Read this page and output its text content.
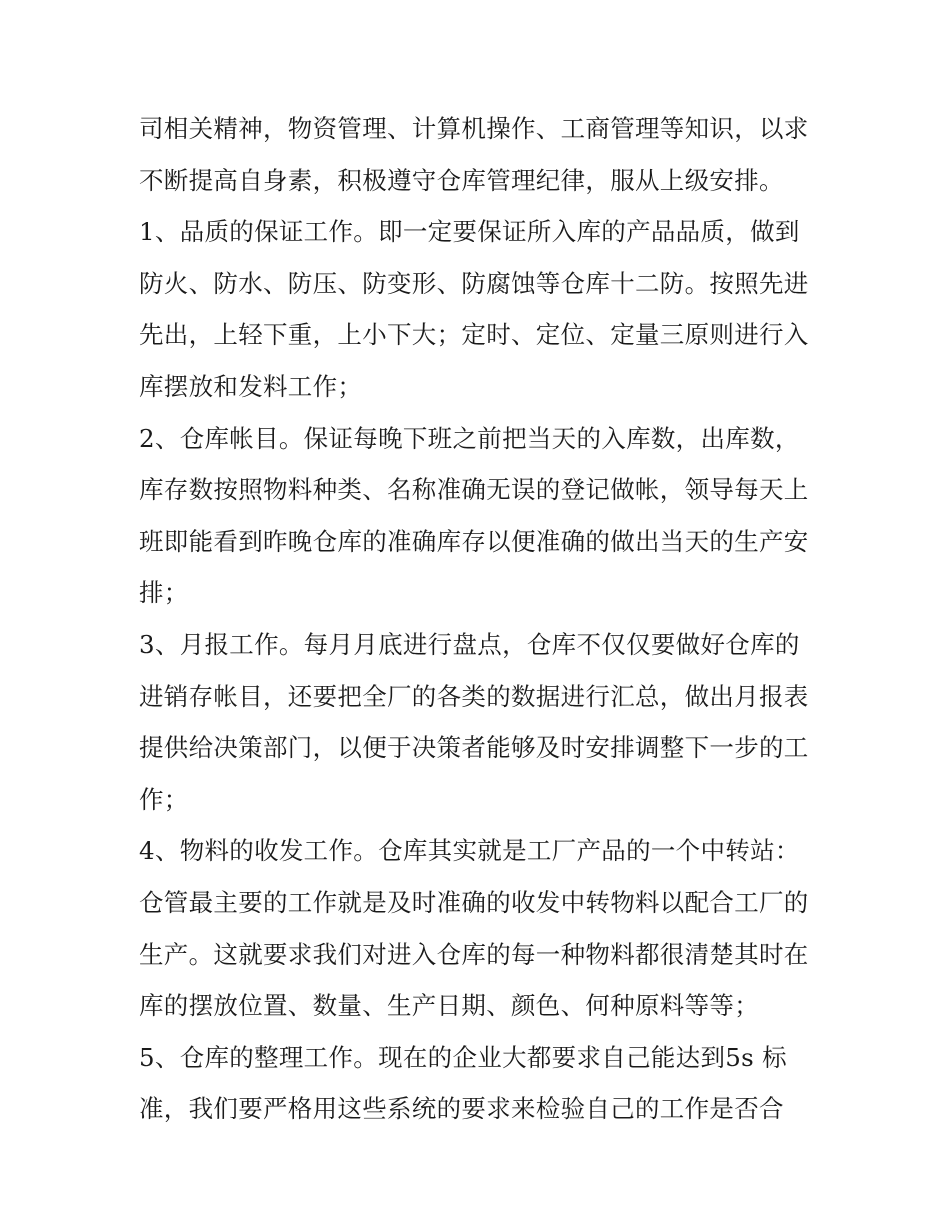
司相关精神，物资管理、计算机操作、工商管理等知识，以求
不断提高自身素，积极遵守仓库管理纪律，服从上级安排。
1、品质的保证工作。即一定要保证所入库的产品品质，做到
防火、防水、防压、防变形、防腐蚀等仓库十二防。按照先进
先出，上轻下重，上小下大；定时、定位、定量三原则进行入
库摆放和发料工作；
2、仓库帐目。保证每晚下班之前把当天的入库数，出库数，
库存数按照物料种类、名称准确无误的登记做帐，领导每天上
班即能看到昨晚仓库的准确库存以便准确的做出当天的生产安
排；
3、月报工作。每月月底进行盘点，仓库不仅仅要做好仓库的
进销存帐目，还要把全厂的各类的数据进行汇总，做出月报表
提供给决策部门，以便于决策者能够及时安排调整下一步的工
作；
4、物料的收发工作。仓库其实就是工厂产品的一个中转站：
仓管最主要的工作就是及时准确的收发中转物料以配合工厂的
生产。这就要求我们对进入仓库的每一种物料都很清楚其时在
库的摆放位置、数量、生产日期、颜色、何种原料等等；
5、仓库的整理工作。现在的企业大都要求自己能达到5s 标
准，我们要严格用这些系统的要求来检验自己的工作是否合
